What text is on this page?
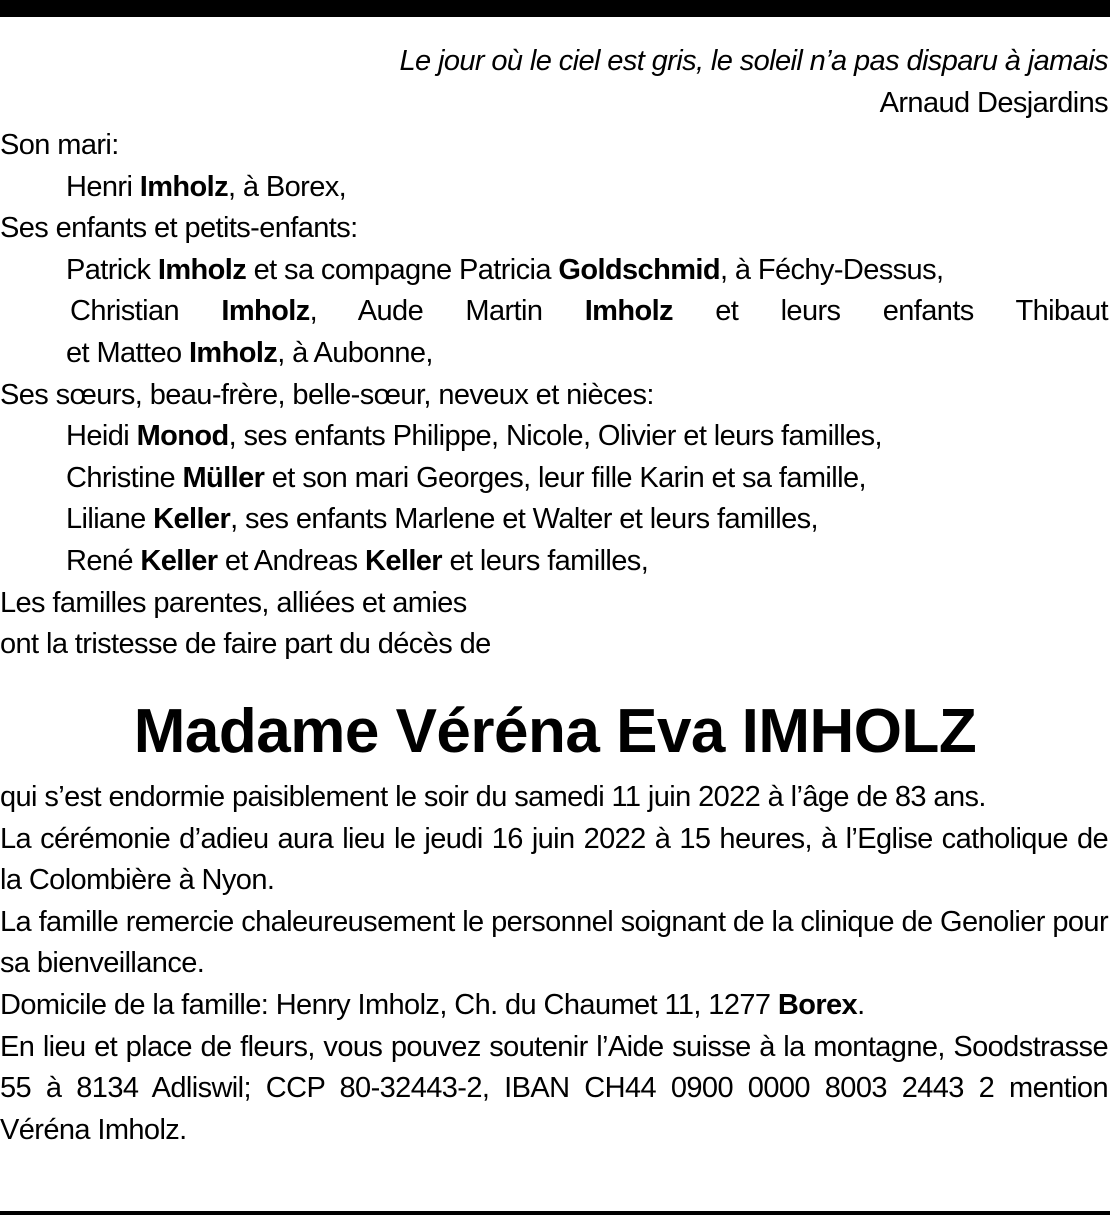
Le jour où le ciel est gris, le soleil n’a pas disparu à jamais
Arnaud Desjardins
Son mari:
Henri Imholz, à Borex,
Ses enfants et petits-enfants:
Patrick Imholz et sa compagne Patricia Goldschmid, à Féchy-Dessus,
Christian Imholz, Aude Martin Imholz et leurs enfants Thibaut
et Matteo Imholz, à Aubonne,
Ses sœurs, beau-frère, belle-sœur, neveux et nièces:
Heidi Monod, ses enfants Philippe, Nicole, Olivier et leurs familles,
Christine Müller et son mari Georges, leur fille Karin et sa famille,
Liliane Keller, ses enfants Marlene et Walter et leurs familles,
René Keller et Andreas Keller et leurs familles,
Les familles parentes, alliées et amies
ont la tristesse de faire part du décès de
Madame Véréna Eva IMHOLZ

qui s’est endormie paisiblement le soir du samedi 11 juin 2022 à l’âge de 83 ans.

La cérémonie d’adieu aura lieu le jeudi 16 juin 2022 à 15 heures, à l’Eglise catholique de la Colombière à Nyon.

La famille remercie chaleureusement le personnel soignant de la clinique de Genolier pour sa bienveillance.

Domicile de la famille: Henry Imholz, Ch. du Chaumet 11, 1277 Borex.

En lieu et place de fleurs, vous pouvez soutenir l’Aide suisse à la montagne, Soodstrasse 55 à 8134 Adliswil; CCP 80-32443-2, IBAN CH44 0900 0000 8003 2443 2 mention Véréna Imholz.
